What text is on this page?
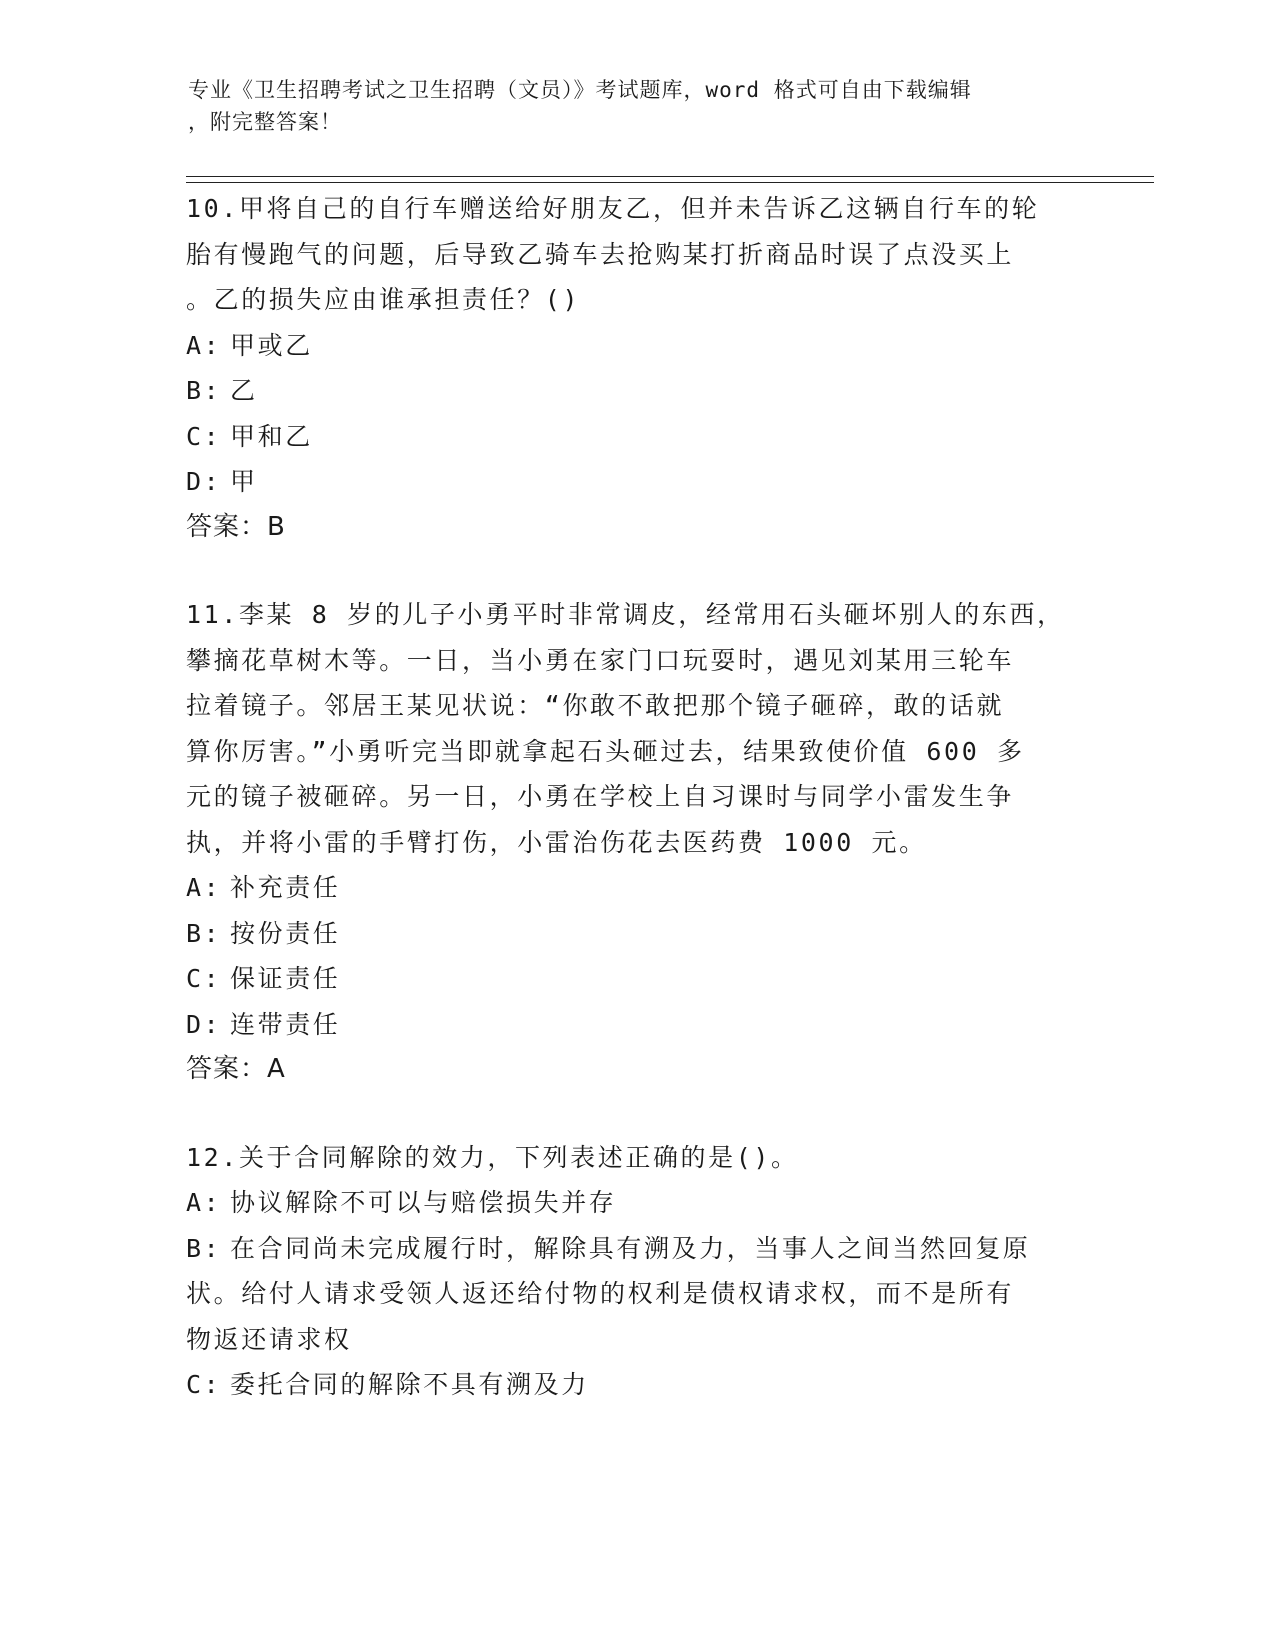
专业《卫生招聘考试之卫生招聘（文员）》考试题库，word 格式可自由下载编辑
，附完整答案！
10.甲将自己的自行车赠送给好朋友乙，但并未告诉乙这辆自行车的轮
胎有慢跑气的问题，后导致乙骑车去抢购某打折商品时误了点没买上
。乙的损失应由谁承担责任？()
A: 甲或乙
B: 乙
C: 甲和乙
D: 甲
答案：B
11.李某 8 岁的儿子小勇平时非常调皮，经常用石头砸坏别人的东西，
攀摘花草树木等。一日，当小勇在家门口玩耍时，遇见刘某用三轮车
拉着镜子。邻居王某见状说：“你敢不敢把那个镜子砸碎，敢的话就
算你厉害。”小勇听完当即就拿起石头砸过去，结果致使价值 600 多
元的镜子被砸碎。另一日，小勇在学校上自习课时与同学小雷发生争
执，并将小雷的手臂打伤，小雷治伤花去医药费 1000 元。
A: 补充责任
B: 按份责任
C: 保证责任
D: 连带责任
答案：A
12.关于合同解除的效力，下列表述正确的是()。
A: 协议解除不可以与赔偿损失并存
B: 在合同尚未完成履行时，解除具有溯及力，当事人之间当然回复原
状。给付人请求受领人返还给付物的权利是债权请求权，而不是所有
物返还请求权
C: 委托合同的解除不具有溯及力
